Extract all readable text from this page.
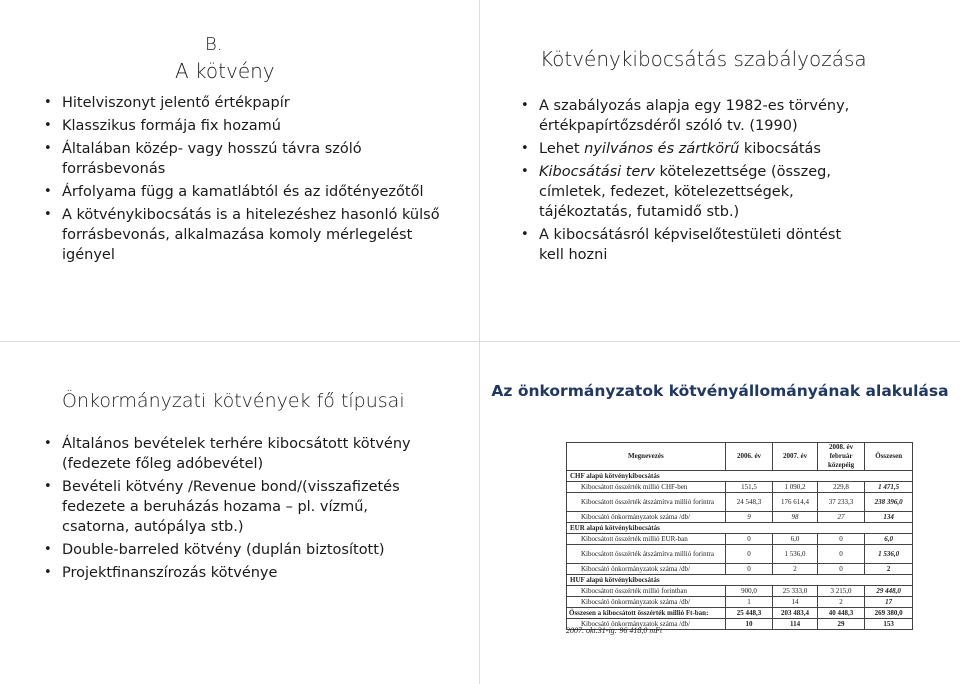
B.
A kötvény
• Hitelviszonyt jelentő értékpapír
• Klasszikus formája fix hozamú
• Általában közép- vagy hosszú távra szóló forrásbevonás
• Árfolyama függ a kamatlábtól és az időtényezőtől
• A kötvénykibocsátás is a hitelezéshez hasonló külső forrásbevonás, alkalmazása komoly mérlegelést igényel
Kötvénykibocsátás szabályozása
• A szabályozás alapja egy 1982-es törvény, értékpapírtőzsdéről szóló tv. (1990)
• Lehet nyilvános és zártkörű kibocsátás
• Kibocsátási terv kötelezettsége (összeg, címletek, fedezet, kötelezettségek, tájékoztatás, futamidő stb.)
• A kibocsátásról képviselőtestületi döntést kell hozni
Önkormányzati kötvények fő típusai
• Általános bevételek terhére kibocsátott kötvény (fedezete főleg adóbevétel)
• Bevételi kötvény /Revenue bond/(visszafizetés fedezete a beruházás hozama – pl. vízmű, csatorna, autópálya stb.)
• Double-barreled kötvény (duplán biztosított)
• Projektfinanszírozás kötvénye
Az önkormányzatok kötvényállományának alakulása
Megnevezés	2006. év	2007. év	2008. év február közepéig	Összesen
CHF alapú kötvénykibocsátás				
Kibocsátott összérték millió CHF-ben	151,5	1 090,2	229,8	1 471,5
Kibocsátott összérték átszámítva millió forintra	24 548,3	176 614,4	37 233,3	238 396,0
Kibocsátó önkormányzatok száma /db/	9	98	27	134
EUR alapú kötvénykibocsátás				
Kibocsátott összérték millió EUR-ban	0	6,0	0	6,0
Kibocsátott összérték átszámítva millió forintra	0	1 536,0	0	1 536,0
Kibocsátó önkormányzatok száma /db/	0	2	0	2
HUF alapú kötvénykibocsátás				
Kibocsátott összérték millió forintban	900,0	25 333,0	3 215,0	29 448,0
Kibocsátó önkormányzatok száma /db/	1	14	2	17
Összesen a kibocsátott összérték millió Ft-ban:	25 448,3	203 483,4	40 448,3	269 380,0
Kibocsátó önkormányzatok száma /db/	10	114	29	153
2007. okt.31-ig: 96 418,0 mFt
